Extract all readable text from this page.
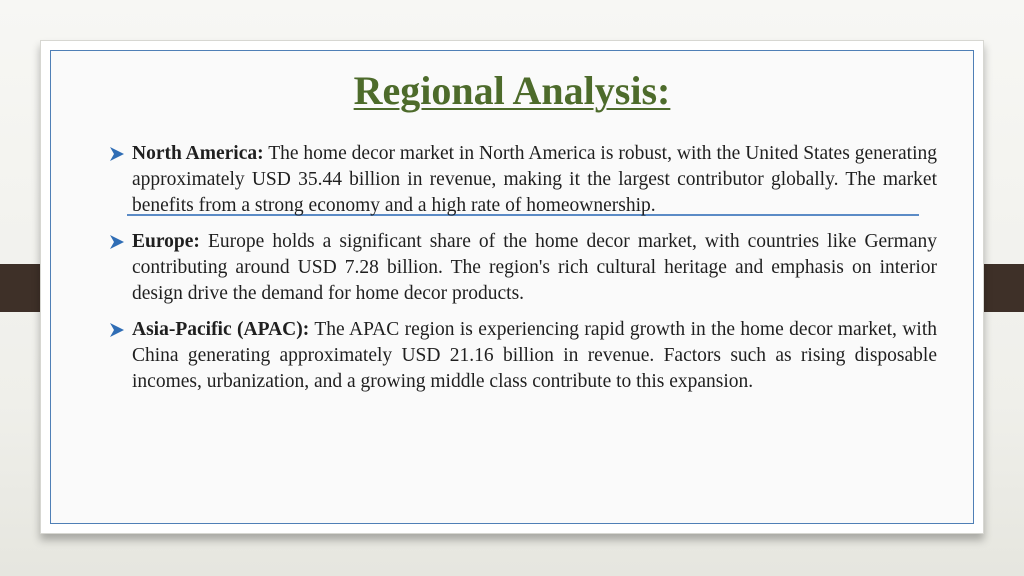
Regional Analysis:
North America: The home decor market in North America is robust, with the United States generating approximately USD 35.44 billion in revenue, making it the largest contributor globally. The market benefits from a strong economy and a high rate of homeownership.
Europe: Europe holds a significant share of the home decor market, with countries like Germany contributing around USD 7.28 billion. The region's rich cultural heritage and emphasis on interior design drive the demand for home decor products.
Asia-Pacific (APAC): The APAC region is experiencing rapid growth in the home decor market, with China generating approximately USD 21.16 billion in revenue. Factors such as rising disposable incomes, urbanization, and a growing middle class contribute to this expansion.
